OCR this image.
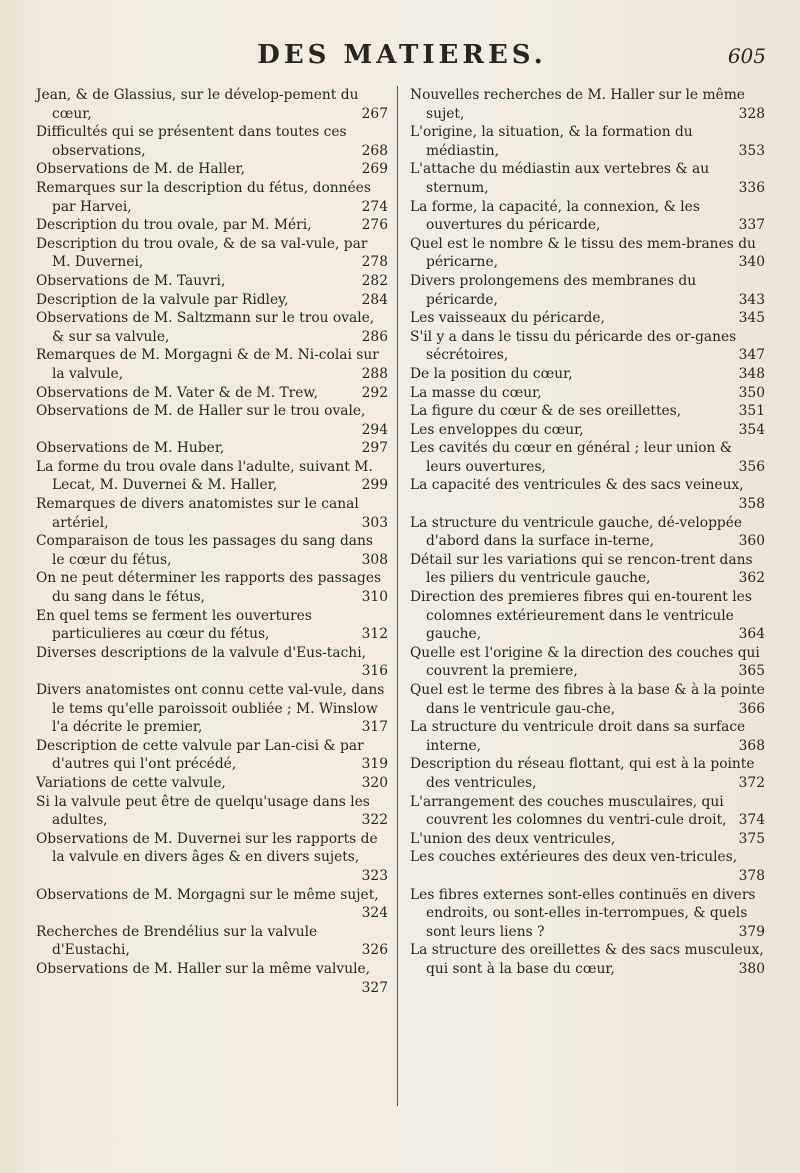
DES MATIERES.	605

Jean, & de Glassius, sur le dévelop-pement du cœur,	267

Difficultés qui se présentent dans toutes ces observations,	268

Observations de M. de Haller,	269

Remarques sur la description du fétus, données par Harvei,	274

Description du trou ovale, par M. Méri,	276

Description du trou ovale, & de sa val-vule, par M. Duvernei,	278

Observations de M. Tauvri,	282

Description de la valvule par Ridley,	284

Observations de M. Saltzmann sur le trou ovale, & sur sa valvule,	286

Remarques de M. Morgagni & de M. Ni-colai sur la valvule,	288

Observations de M. Vater & de M. Trew,	292

Observations de M. de Haller sur le trou ovale,
294

Observations de M. Huber,	297

La forme du trou ovale dans l'adulte, suivant M. Lecat, M. Duvernei & M. Haller,	299

Remarques de divers anatomistes sur le canal artériel,	303

Comparaison de tous les passages du sang dans le cœur du fétus,	308

On ne peut déterminer les rapports des passages du sang dans le fétus,	310

En quel tems se ferment les ouvertures particulieres au cœur du fétus,	312

Diverses descriptions de la valvule d'Eus-tachi,
316

Divers anatomistes ont connu cette val-vule, dans le tems qu'elle paroissoit oubliée ; M. Winslow l'a décrite le premier,	317

Description de cette valvule par Lan-cisi & par d'autres qui l'ont précédé,	319

Variations de cette valvule,	320

Si la valvule peut être de quelqu'usage dans les adultes,	322

Observations de M. Duvernei sur les rapports de la valvule en divers âges & en divers sujets,
323

Observations de M. Morgagni sur le même sujet,
324

Recherches de Brendélius sur la valvule d'Eustachi,	326

Observations de M. Haller sur la même valvule,
327

Nouvelles recherches de M. Haller sur le même sujet,	328

L'origine, la situation, & la formation du médiastin,	353

L'attache du médiastin aux vertebres & au sternum,	336

La forme, la capacité, la connexion, & les ouvertures du péricarde,	337

Quel est le nombre & le tissu des mem-branes du péricarne,	340

Divers prolongemens des membranes du péricarde,	343

Les vaisseaux du péricarde,	345

S'il y a dans le tissu du péricarde des or-ganes sécrétoires,	347

De la position du cœur,	348

La masse du cœur,	350

La figure du cœur & de ses oreillettes,	351

Les enveloppes du cœur,	354

Les cavités du cœur en général ; leur union & leurs ouvertures,	356

La capacité des ventricules & des sacs veineux,
358

La structure du ventricule gauche, dé-veloppée d'abord dans la surface in-terne,	360

Détail sur les variations qui se rencon-trent dans les piliers du ventricule gauche,	362

Direction des premieres fibres qui en-tourent les colomnes extérieurement dans le ventricule gauche,	364

Quelle est l'origine & la direction des couches qui couvrent la premiere,	365

Quel est le terme des fibres à la base & à la pointe dans le ventricule gau-che,	366

La structure du ventricule droit dans sa surface interne,	368

Description du réseau flottant, qui est à la pointe des ventricules,	372

L'arrangement des couches musculaires, qui couvrent les colomnes du ventri-cule droit, 374

L'union des deux ventricules,	375

Les couches extérieures des deux ven-tricules,
378

Les fibres externes sont-elles continuës en divers endroits, ou sont-elles in-terrompues, & quels sont leurs liens ?	379

La structure des oreillettes & des sacs musculeux, qui sont à la base du cœur,	380
